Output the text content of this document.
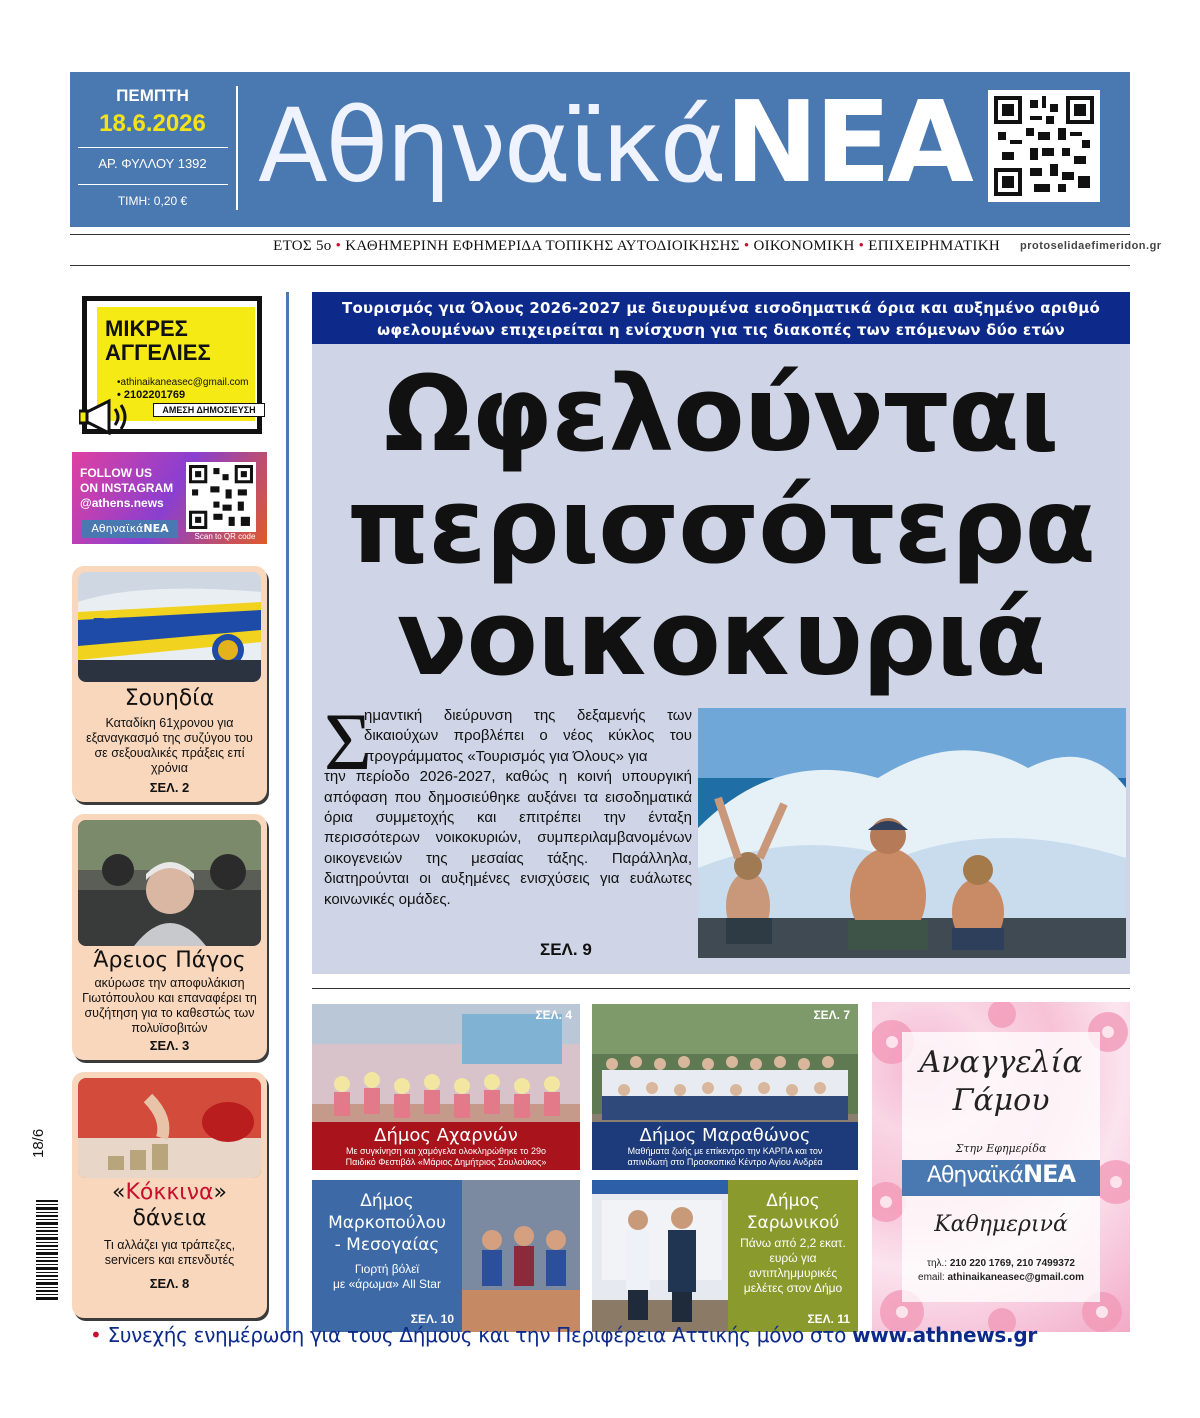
ΠΕΜΠΤΗ
18.6.2026
ΑΡ. ΦΥΛΛΟΥ 1392
ΤΙΜΗ: 0,20 € ΑθηναϊκάΝΕΑ
ΕΤΟΣ 5ο • ΚΑΘΗΜΕΡΙΝΗ ΕΦΗΜΕΡΙΔΑ ΤΟΠΙΚΗΣ ΑΥΤΟΔΙΟΙΚΗΣΗΣ • ΟΙΚΟΝΟΜΙΚΗ • ΕΠΙΧΕΙΡΗΜΑΤΙΚΗ protoselidaefimeridon.gr
ΜΙΚΡΕΣ ΑΓΓΕΛΙΕΣ
•athinaikaneasec@gmail.com
• 2102201769
ΑΜΕΣΗ ΔΗΜΟΣΙΕΥΣΗ
FOLLOW US
ON INSTAGRAM
@athens.news
ΑθηναϊκάΝΕΑ
Scan to QR code
POLIS
Σουηδία
Καταδίκη 61χρονου για εξαναγκασμό της συζύγου του σε σεξουαλικές πράξεις επί χρόνια
ΣΕΛ. 2
Άρειος Πάγος
ακύρωσε την αποφυλάκιση Γιωτόπουλου και επαναφέρει τη συζήτηση για το καθεστώς των πολυϊσοβιτών
ΣΕΛ. 3
«Κόκκινα»
δάνεια
Τι αλλάζει για τράπεζες, servicers και επενδυτές
ΣΕΛ. 8
Τουρισμός για Όλους 2026-2027 με διευρυμένα εισοδηματικά όρια και αυξημένο αριθμό ωφελουμένων επιχειρείται η ενίσχυση για τις διακοπές των επόμενων δύο ετών
Ωφελούνται
περισσότερα
νοικοκυριά
Σ
ημαντική διεύρυνση της δεξαμενής των δικαιούχων προβλέπει ο νέος κύκλος του προγράμματος «Τουρισμός για Όλους» για
την περίοδο 2026-2027, καθώς η κοινή υπουργική απόφαση που δημοσιεύθηκε αυξάνει τα εισοδηματικά όρια συμμετοχής και επιτρέπει την ένταξη περισσότερων νοικοκυριών, συμπεριλαμβανομένων οικογενειών της μεσαίας τάξης. Παράλληλα, διατηρούνται οι αυξημένες ενισχύσεις για ευάλωτες κοινωνικές ομάδες.
ΣΕΛ. 9
ΣΕΛ. 4
Δήμος Αχαρνών
Με συγκίνηση και χαμόγελα ολοκληρώθηκε το 29ο
Παιδικό Φεστιβάλ «Μάριος Δημήτριος Σουλούκος»
ΣΕΛ. 7
Δήμος Μαραθώνος
Μαθήματα ζωής με επίκεντρο την ΚΑΡΠΑ και τον
απινιδωτή στο Προσκοπικό Κέντρο Αγίου Ανδρέα
Δήμος
Μαρκοπούλου
- Μεσογαίας
Γιορτή βόλεϊ
με «άρωμα» All Star
ΣΕΛ. 10
Δήμος
Σαρωνικού
Πάνω από 2,2 εκατ.
ευρώ για
αντιπλημμυρικές
μελέτες στον Δήμο
ΣΕΛ. 11
Αναγγελία
Γάμου
Στην Εφημερίδα
ΑθηναϊκάΝΕΑ
Καθημερινά
τηλ.: 210 220 1769, 210 7499372
email: athinaikaneasec@gmail.com
• Συνεχής ενημέρωση για τους Δήμους και την Περιφέρεια Αττικής μόνο στο www.athnews.gr
18/6
